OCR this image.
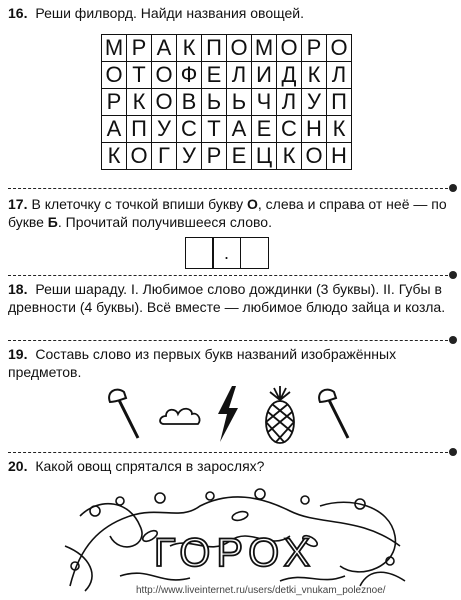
16. Реши филворд. Найди названия овощей.
М Р А К П О М О Р О
О Т О Ф Е Л И Д К Л
Р К О В Ь Ь Ч Л У П
А П У С Т А Е С Н К
К О Г У Р Е Ц К О Н
17. В клеточку с точкой впиши букву О, слева и справа от неё — по букве Б. Прочитай получившееся слово.
.
18. Реши шараду. I. Любимое слово дождинки (3 буквы). II. Губы в древности (4 буквы). Всё вместе — любимое блюдо зайца и козла.
19. Составь слово из первых букв названий изображённых предметов.
20. Какой овощ спрятался в зарослях?
ГОРОХ
http://www.liveinternet.ru/users/detki_vnukam_poleznoe/
